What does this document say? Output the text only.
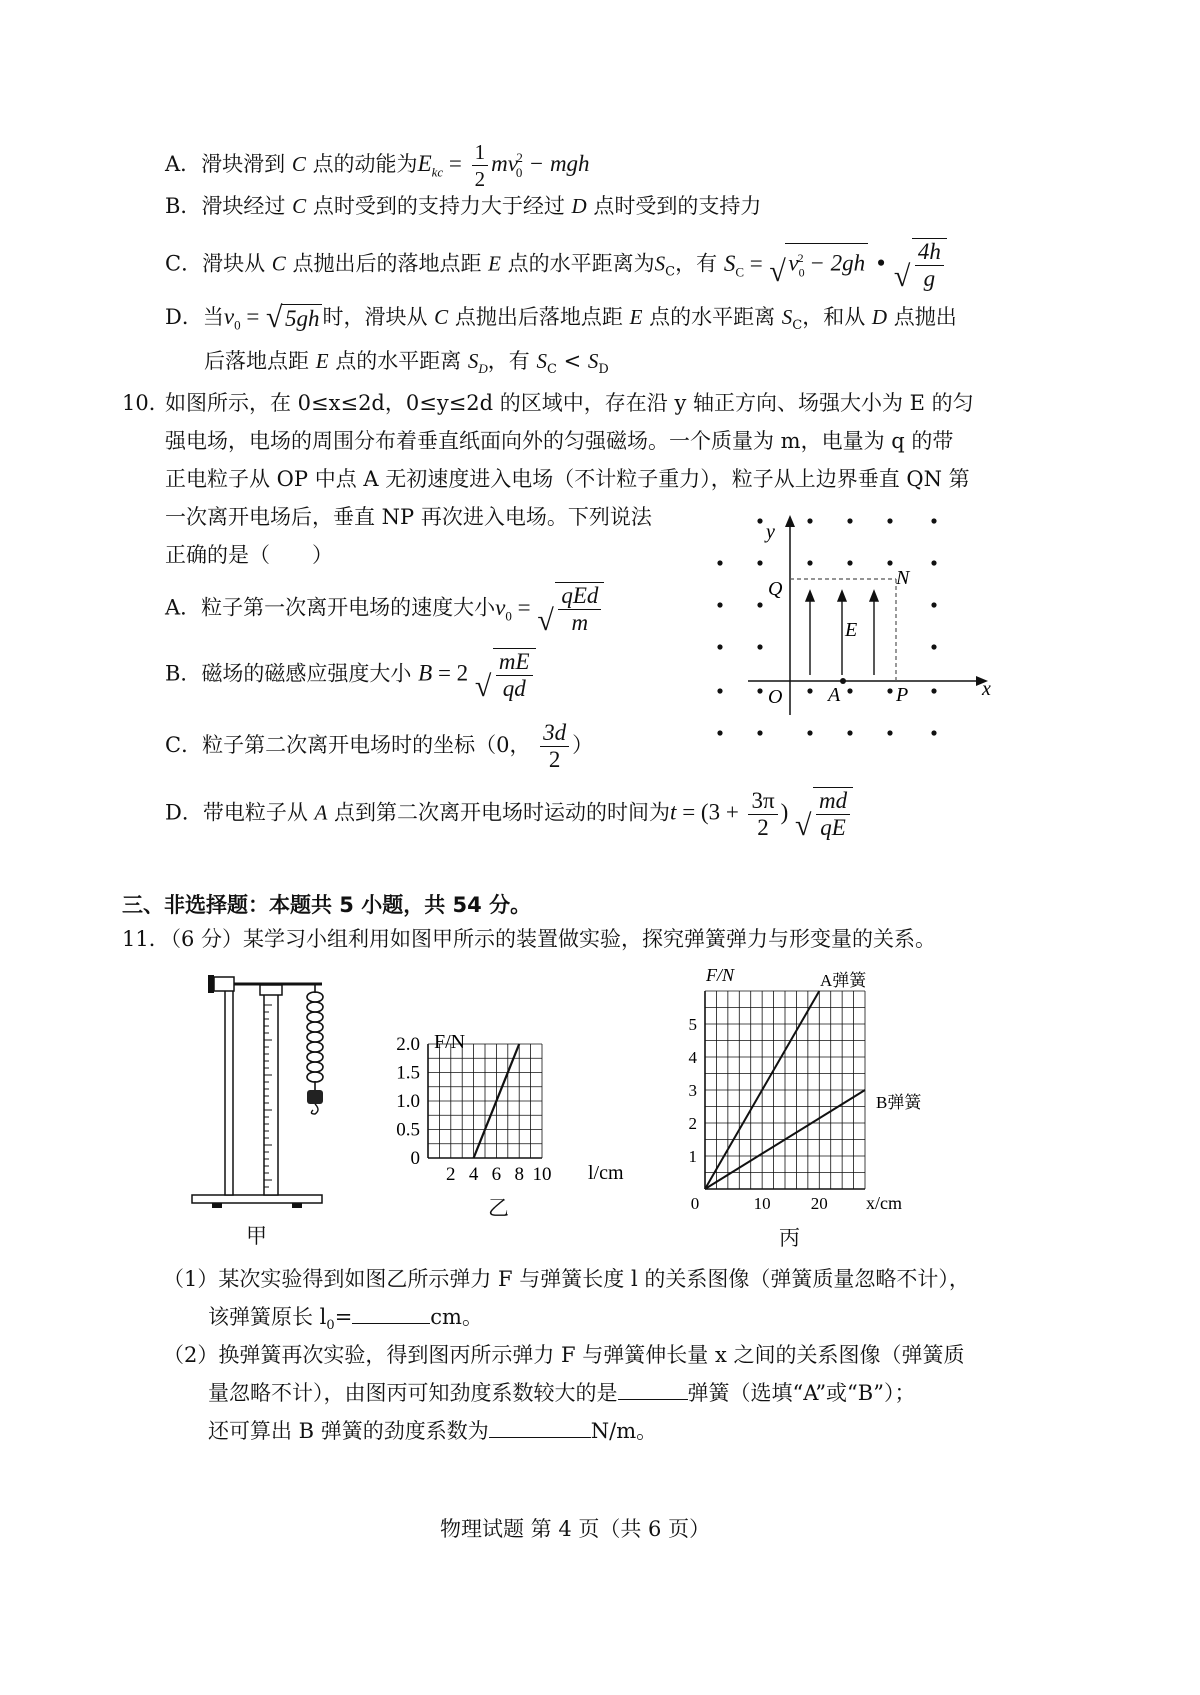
A．滑块滑到 C 点的动能为$E_{kc} = \frac{1}{2} mv_0^2$ − mgh
B．滑块经过 C 点时受到的支持力大于经过 D 点时受到的支持力
C．滑块从 C 点抛出后的落地点距 E 点的水平距离为$S_C$，有 $S_C$ = √ $v_0^2 - 2gh$ • √ $\frac{4h}{g}$
D．当$v_0$ = √ 5gh 时，滑块从 C 点抛出后落地点距 E 点的水平距离 $S_C$，和从 D 点抛出
后落地点距 E 点的水平距离 $S_D$，有 $S_C < S_D$
10．
如图所示，在 0≤x≤2d，0≤y≤2d 的区域中，存在沿 y 轴正方向、场强大小为 E 的匀
强电场，电场的周围分布着垂直纸面向外的匀强磁场。一个质量为 m，电量为 q 的带
正电粒子从 OP 中点 A 无初速度进入电场（不计粒子重力），粒子从上边界垂直 QN 第
一次离开电场后，垂直 NP 再次进入电场。下列说法
正确的是（　　）
A．粒子第一次离开电场的速度大小$v_0$ = √ $\frac{\text{qEd}}{m}$
B．磁场的磁感应强度大小 B = 2 √ $\frac{mE}{qd}$
C．粒子第二次离开电场时的坐标（0， $\frac{3d}{2}$ ）
D．带电粒子从 A 点到第二次离开电场时运动的时间为$t = (3 + \frac{3\pi}{2}$ ) √ $\frac{md}{qE}$
y
x
Q	N
O A	P
E
三、非选择题：本题共 5 小题，共 54 分。
11．
（6 分）某学习小组利用如图甲所示的装置做实验，探究弹簧弹力与形变量的关系。
甲
0
0.5
1.0
1.5
2.0
2 4 6 8 10
F/N
l/cm
乙
1
2
3
4
5
0	10 20
F/N
x/cm
A弹簧
B弹簧
丙
（1）某次实验得到如图乙所示弹力 F 与弹簧长度 l 的关系图像（弹簧质量忽略不计），
该弹簧原长 $l_0=$	cm。
（2）换弹簧再次实验，得到图丙所示弹力 F 与弹簧伸长量 x 之间的关系图像（弹簧质
量忽略不计），由图丙可知劲度系数较大的是	弹簧（选填“A”或“B”）；
还可算出 B 弹簧的劲度系数为	N/m。
物理试题 第 4 页（共 6 页）
